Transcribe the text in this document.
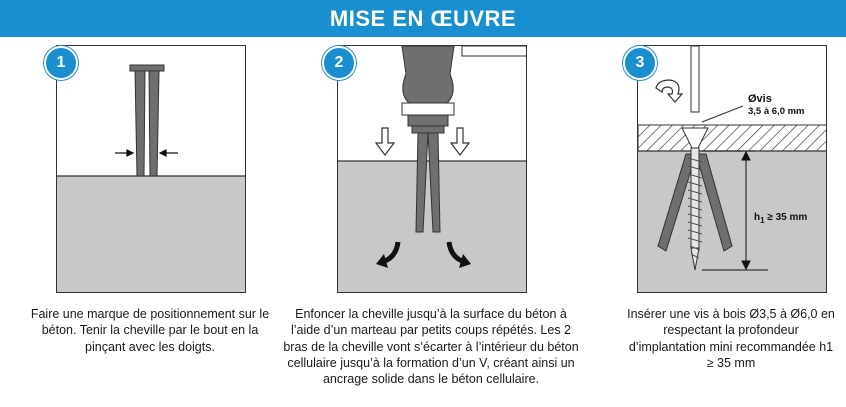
MISE EN ŒUVRE
1	2
Øvis
3,5 à 6,0 mm
$h_1 \ge 35$ mm
3
Faire une marque de positionnement sur le béton. Tenir la cheville par le bout en la pinçant avec les doigts.
Enfoncer la cheville jusqu’à la surface du béton à l’aide d’un marteau par petits coups répétés. Les 2 bras de la cheville vont s’écarter à l’intérieur du béton cellulaire jusqu’à la formation d’un V, créant ainsi un ancrage solide dans le béton cellulaire.
Insérer une vis à bois Ø3,5 à Ø6,0 en respectant la profondeur d’implantation mini recommandée h1 ≥ 35 mm
